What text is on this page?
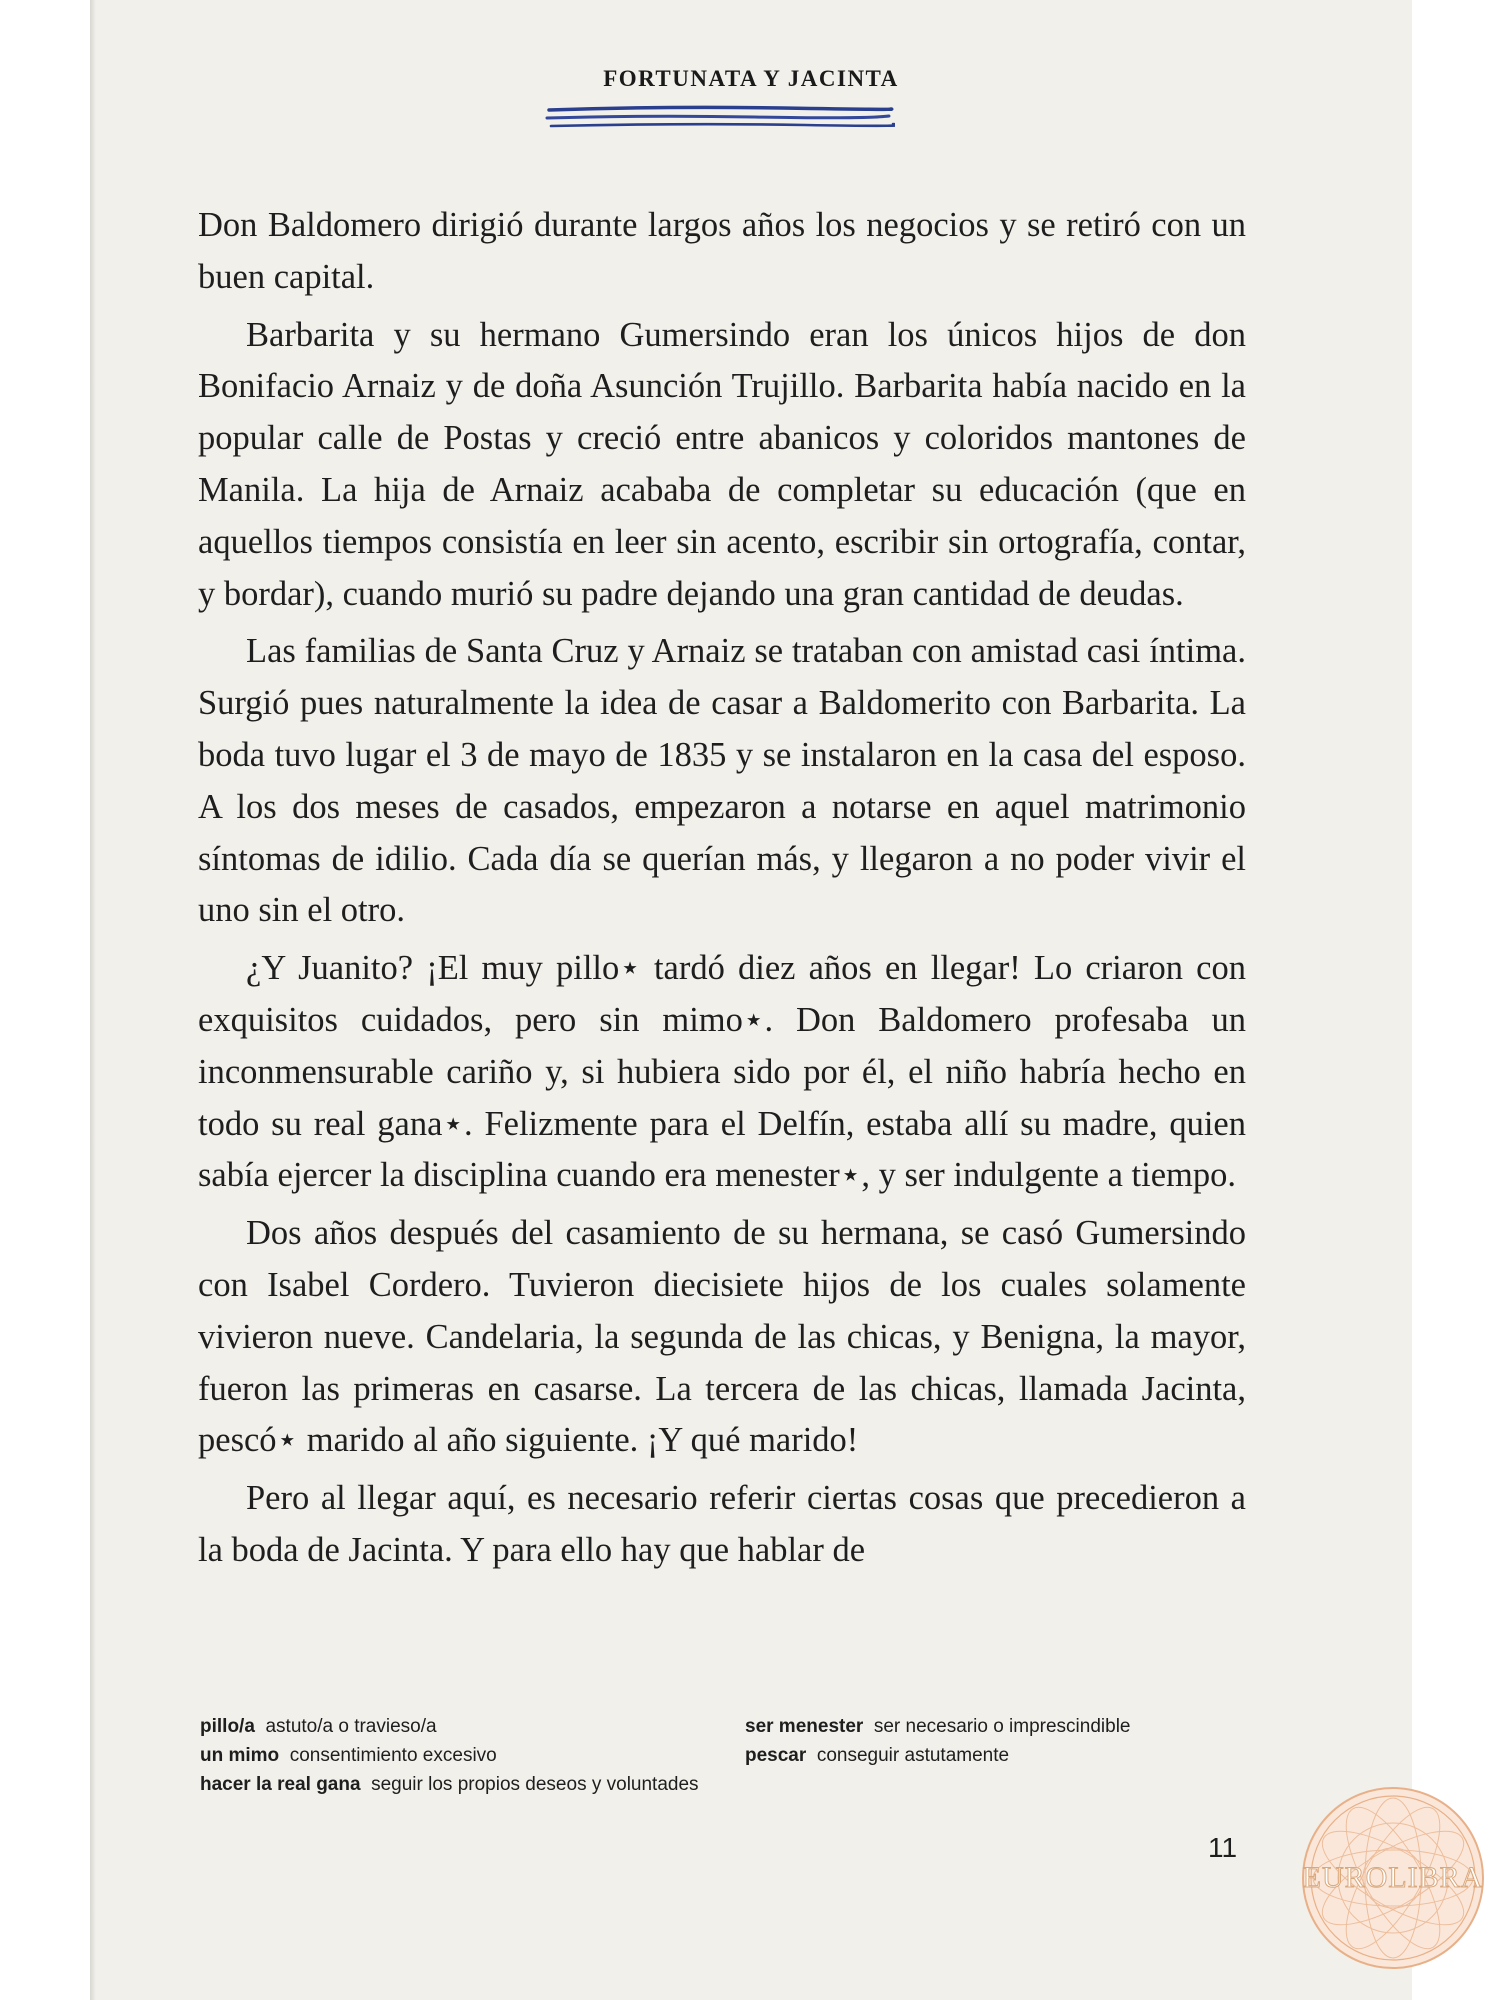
FORTUNATA Y JACINTA

Don Baldomero dirigió durante largos años los negocios y se retiró con un buen capital.

Barbarita y su hermano Gumersindo eran los únicos hijos de don Bonifacio Arnaiz y de doña Asunción Trujillo. Barbarita había nacido en la popular calle de Postas y creció entre abanicos y coloridos mantones de Manila. La hija de Arnaiz acababa de completar su educación (que en aquellos tiempos consistía en leer sin acento, escribir sin ortografía, contar, y bordar), cuando murió su padre dejando una gran cantidad de deudas.

Las familias de Santa Cruz y Arnaiz se trataban con amistad casi íntima. Surgió pues naturalmente la idea de casar a Baldomerito con Barbarita. La boda tuvo lugar el 3 de mayo de 1835 y se instalaron en la casa del esposo. A los dos meses de casados, empezaron a notarse en aquel matrimonio síntomas de idilio. Cada día se querían más, y llegaron a no poder vivir el uno sin el otro.

¿Y Juanito? ¡El muy pillo⋆ tardó diez años en llegar! Lo criaron con exquisitos cuidados, pero sin mimo⋆. Don Baldomero profesaba un inconmensurable cariño y, si hubiera sido por él, el niño habría hecho en todo su real gana⋆. Felizmente para el Delfín, estaba allí su madre, quien sabía ejercer la disciplina cuando era menester⋆, y ser indulgente a tiempo.

Dos años después del casamiento de su hermana, se casó Gumersindo con Isabel Cordero. Tuvieron diecisiete hijos de los cuales solamente vivieron nueve. Candelaria, la segunda de las chicas, y Benigna, la mayor, fueron las primeras en casarse. La tercera de las chicas, llamada Jacinta, pescó⋆ marido al año siguiente. ¡Y qué marido!

Pero al llegar aquí, es necesario referir ciertas cosas que precedieron a la boda de Jacinta. Y para ello hay que hablar de

pillo/a astuto/a o travieso/a
un mimo consentimiento excesivo
hacer la real gana seguir los propios deseos y voluntades
ser menester ser necesario o imprescindible
pescar conseguir astutamente
11
EUROLIBRA
